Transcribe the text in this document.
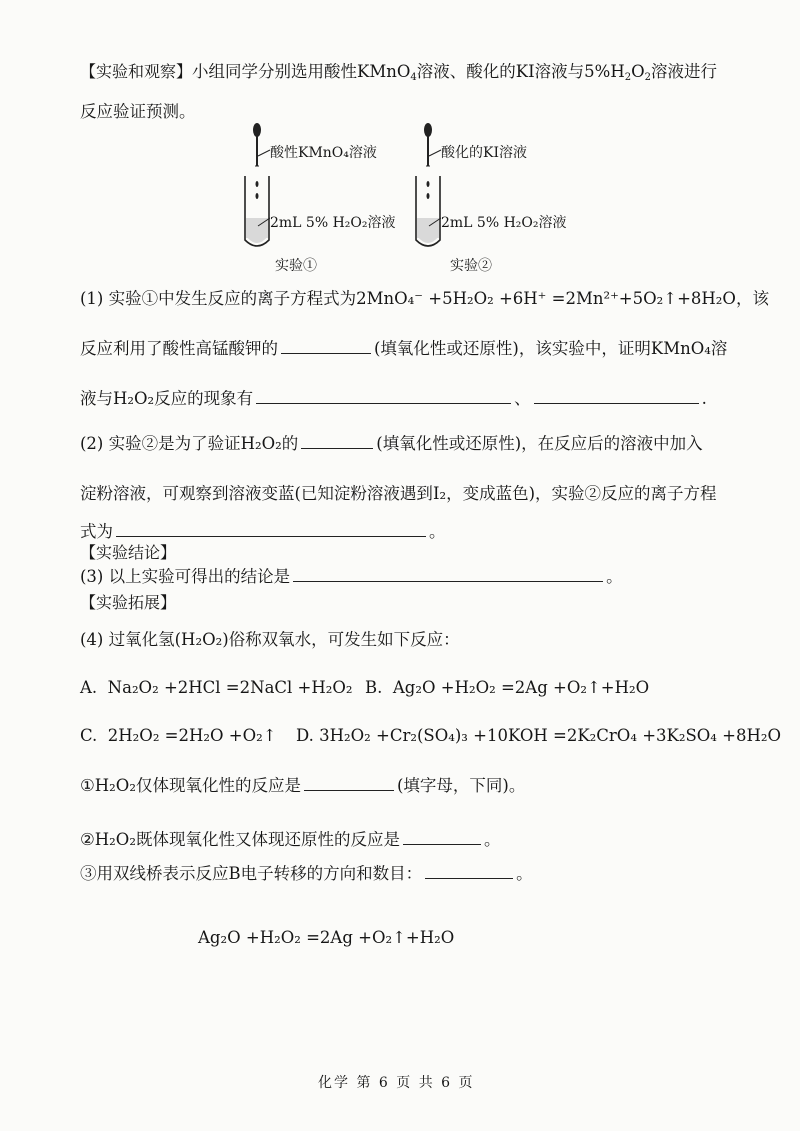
【实验和观察】小组同学分别选用酸性KMnO$_4$溶液、酸化的KI溶液与$5\%H_2O_2$溶液进行
反应验证预测。
酸性KMnO₄溶液
2mL 5% H₂O₂溶液
实验①
酸化的KI溶液
2mL 5% H₂O₂溶液
实验②
(1) 实验①中发生反应的离子方程式为2MnO₄⁻ +5H₂O₂ +6H⁺ =2Mn²⁺+5O₂↑+8H₂O，该
反应利用了酸性高锰酸钾的	(填氧化性或还原性)，该实验中，证明KMnO₄溶
液与H₂O₂反应的现象有	、	.
(2) 实验②是为了验证H₂O₂的	(填氧化性或还原性)，在反应后的溶液中加入
淀粉溶液，可观察到溶液变蓝(已知淀粉溶液遇到I₂，变成蓝色)，实验②反应的离子方程
式为	。
【实验结论】
(3) 以上实验可得出的结论是	。
【实验拓展】
(4) 过氧化氢(H₂O₂)俗称双氧水，可发生如下反应：
A. Na₂O₂ +2HCl =2NaCl +H₂O₂ B. Ag₂O +H₂O₂ =2Ag +O₂↑+H₂O
C. 2H₂O₂ =2H₂O +O₂↑ D. 3H₂O₂ +Cr₂(SO₄)₃ +10KOH =2K₂CrO₄ +3K₂SO₄ +8H₂O
①H₂O₂仅体现氧化性的反应是	(填字母，下同)。
②H₂O₂既体现氧化性又体现还原性的反应是	。
③用双线桥表示反应B电子转移的方向和数目：	。
Ag₂O +H₂O₂ =2Ag +O₂↑+H₂O
化学 第 6 页 共 6 页
